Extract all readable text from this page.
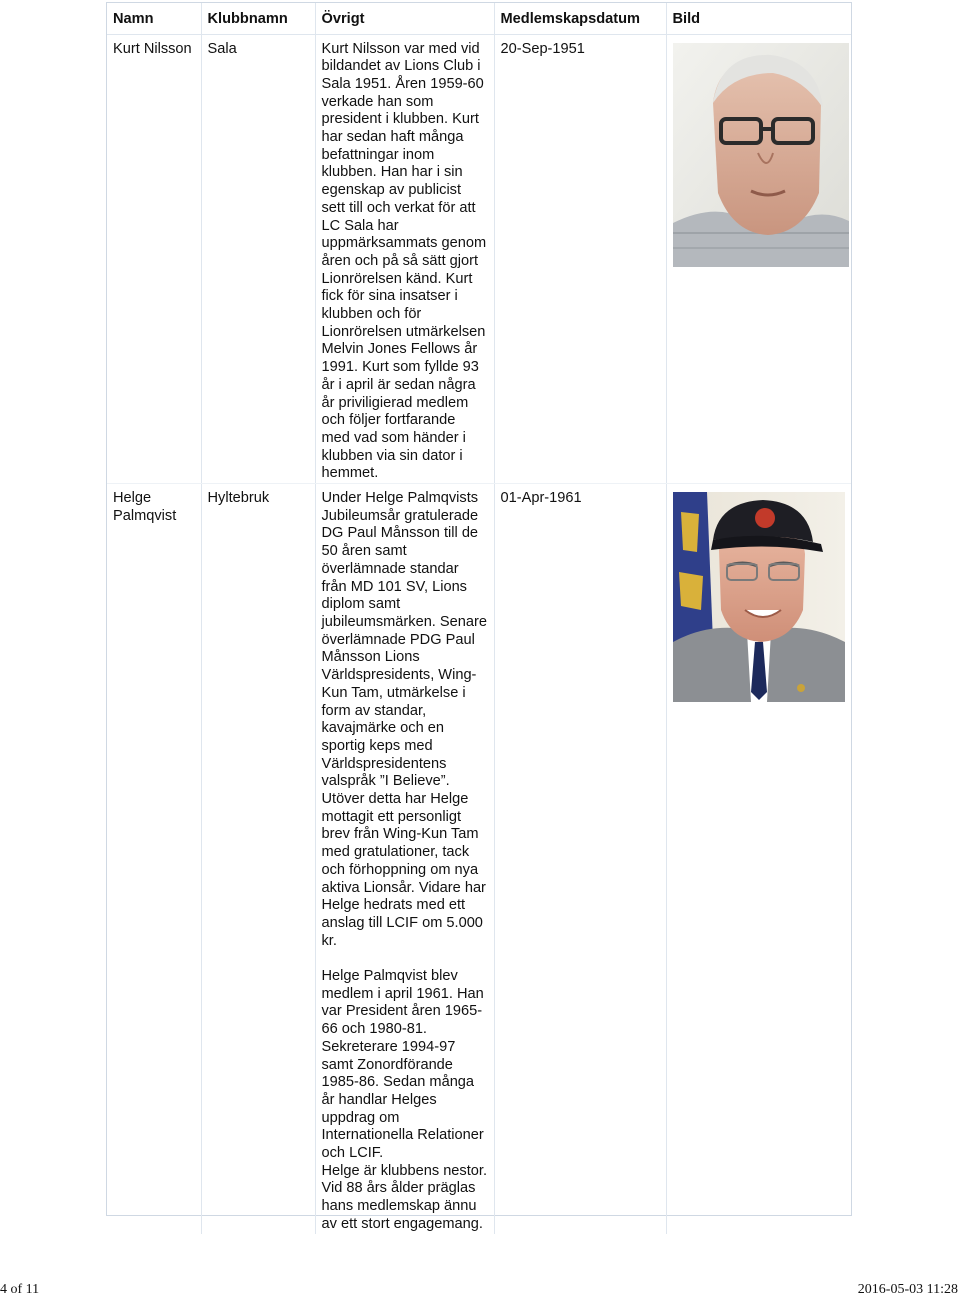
Namn	Klubbnamn	Övrigt	Medlemskapsdatum	Bild
Kurt Nilsson	Sala	Kurt Nilsson var med vid bildandet av Lions Club i Sala 1951. Åren 1959-60 verkade han som president i klubben. Kurt har sedan haft många befattningar inom klubben. Han har i sin egenskap av publicist sett till och verkat för att LC Sala har uppmärksammats genom åren och på så sätt gjort Lionrörelsen känd. Kurt fick för sina insatser i klubben och för Lionrörelsen utmärkelsen Melvin Jones Fellows år 1991. Kurt som fyllde 93 år i april är sedan några år priviligierad medlem och följer fortfarande med vad som händer i klubben via sin dator i hemmet.	20-Sep-1951	

Helge Palmqvist	Hyltebruk	Under Helge Palmqvists Jubileumsår gratulerade DG Paul Månsson till de 50 åren samt överlämnade standar från MD 101 SV, Lions diplom samt jubileumsmärken. Senare överlämnade PDG Paul Månsson Lions Världspresidents, Wing-Kun Tam, utmärkelse i form av standar, kavajmärke och en sportig keps med Världspresidentens valspråk ”I Believe”. Utöver detta har Helge mottagit ett personligt brev från Wing-Kun Tam med gratulationer, tack och förhoppning om nya aktiva Lionsår. Vidare har Helge hedrats med ett anslag till LCIF om 5.000 kr.
Helge Palmqvist blev medlem i april 1961. Han var President åren 1965-66 och 1980-81. Sekreterare 1994-97 samt Zonordförande 1985-86. Sedan många år handlar Helges uppdrag om Internationella Relationer och LCIF.
Helge är klubbens nestor. Vid 88 års ålder präglas hans medlemskap ännu av ett stort engagemang.	01-Apr-1961	
4 of 11	2016-05-03 11:28
